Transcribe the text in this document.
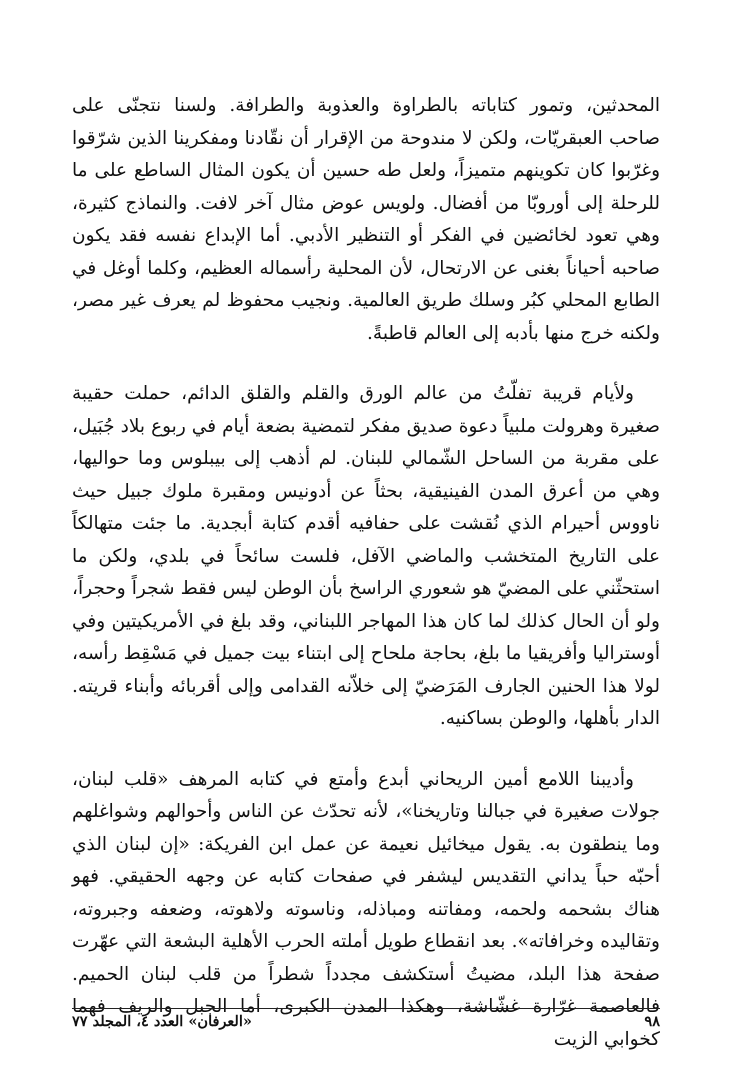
المحدثين، وتمور كتاباته بالطراوة والعذوبة والطرافة. ولسنا نتجنّى على صاحب العبقريّات، ولكن لا مندوحة من الإقرار أن نقّادنا ومفكرينا الذين شرّقوا وغرّبوا كان تكوينهم متميزاً، ولعل طه حسين أن يكون المثال الساطع على ما للرحلة إلى أوروبّا من أفضال. ولويس عوض مثال آخر لافت. والنماذج كثيرة، وهي تعود لخائضين في الفكر أو التنظير الأدبي. أما الإبداع نفسه فقد يكون صاحبه أحياناً بغنى عن الارتحال، لأن المحلية رأسماله العظيم، وكلما أوغل في الطابع المحلي كبُر وسلك طريق العالمية. ونجيب محفوظ لم يعرف غير مصر، ولكنه خرج منها بأدبه إلى العالم قاطبةً.

ولأيام قريبة تفلّتُ من عالم الورق والقلم والقلق الدائم، حملت حقيبة صغيرة وهرولت ملبياً دعوة صديق مفكر لتمضية بضعة أيام في ربوع بلاد جُبَيل، على مقربة من الساحل الشّمالي للبنان. لم أذهب إلى بيبلوس وما حواليها، وهي من أعرق المدن الفينيقية، بحثاً عن أدونيس ومقبرة ملوك جبيل حيث ناووس أحيرام الذي نُقشت على حفافيه أقدم كتابة أبجدية. ما جئت متهالكاً على التاريخ المتخشب والماضي الآفل، فلست سائحاً في بلدي، ولكن ما استحثّني على المضيّ هو شعوري الراسخ بأن الوطن ليس فقط شجراً وحجراً، ولو أن الحال كذلك لما كان هذا المهاجر اللبناني، وقد بلغ في الأمريكيتين وفي أوستراليا وأفريقيا ما بلغ، بحاجة ملحاح إلى ابتناء بيت جميل في مَسْقِط رأسه، لولا هذا الحنين الجارف المَرَضيّ إلى خلاّنه القدامى وإلى أقربائه وأبناء قريته. الدار بأهلها، والوطن بساكنيه.

وأديبنا اللامع أمين الريحاني أبدع وأمتع في كتابه المرهف «قلب لبنان، جولات صغيرة في جبالنا وتاريخنا»، لأنه تحدّث عن الناس وأحوالهم وشواغلهم وما ينطقون به. يقول ميخائيل نعيمة عن عمل ابن الفريكة: «إن لبنان الذي أحبّه حباً يداني التقديس ليشفر في صفحات كتابه عن وجهه الحقيقي. فهو هناك بشحمه ولحمه، ومفاتنه ومباذله، وناسوته ولاهوته، وضعفه وجبروته، وتقاليده وخرافاته». بعد انقطاع طويل أملته الحرب الأهلية البشعة التي عهّرت صفحة هذا البلد، مضيتُ أستكشف مجدداً شطراً من قلب لبنان الحميم. فالعاصمة غرّارة غشّاشة، وهكذا المدن الكبرى، أما الجبل والريف فهما كخوابي الزيت

٩٨
«العرفان» العدد ٤، المجلد ٧٧
